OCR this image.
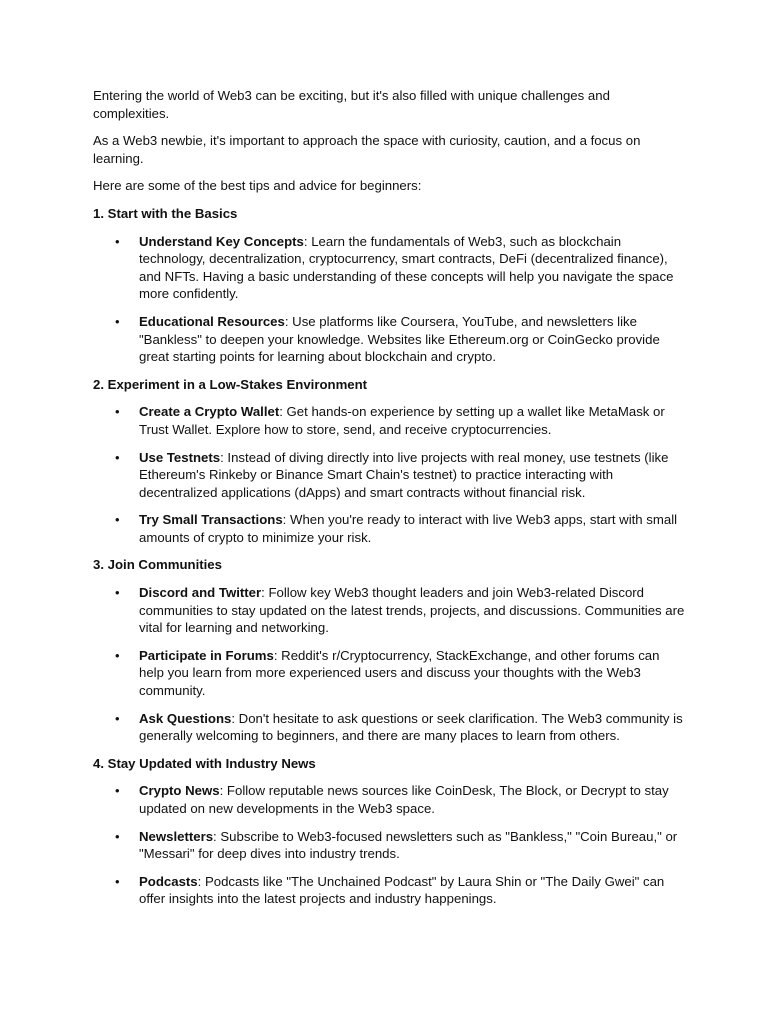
Entering the world of Web3 can be exciting, but it's also filled with unique challenges and complexities.

As a Web3 newbie, it's important to approach the space with curiosity, caution, and a focus on learning.

Here are some of the best tips and advice for beginners:

1. Start with the Basics
• Understand Key Concepts: Learn the fundamentals of Web3, such as blockchain technology, decentralization, cryptocurrency, smart contracts, DeFi (decentralized finance), and NFTs. Having a basic understanding of these concepts will help you navigate the space more confidently.
• Educational Resources: Use platforms like Coursera, YouTube, and newsletters like "Bankless" to deepen your knowledge. Websites like Ethereum.org or CoinGecko provide great starting points for learning about blockchain and crypto.
2. Experiment in a Low-Stakes Environment
• Create a Crypto Wallet: Get hands-on experience by setting up a wallet like MetaMask or Trust Wallet. Explore how to store, send, and receive cryptocurrencies.
• Use Testnets: Instead of diving directly into live projects with real money, use testnets (like Ethereum's Rinkeby or Binance Smart Chain's testnet) to practice interacting with decentralized applications (dApps) and smart contracts without financial risk.
• Try Small Transactions: When you're ready to interact with live Web3 apps, start with small amounts of crypto to minimize your risk.
3. Join Communities
• Discord and Twitter: Follow key Web3 thought leaders and join Web3-related Discord communities to stay updated on the latest trends, projects, and discussions. Communities are vital for learning and networking.
• Participate in Forums: Reddit's r/Cryptocurrency, StackExchange, and other forums can help you learn from more experienced users and discuss your thoughts with the Web3 community.
• Ask Questions: Don't hesitate to ask questions or seek clarification. The Web3 community is generally welcoming to beginners, and there are many places to learn from others.
4. Stay Updated with Industry News
• Crypto News: Follow reputable news sources like CoinDesk, The Block, or Decrypt to stay updated on new developments in the Web3 space.
• Newsletters: Subscribe to Web3-focused newsletters such as "Bankless," "Coin Bureau," or "Messari" for deep dives into industry trends.
• Podcasts: Podcasts like "The Unchained Podcast" by Laura Shin or "The Daily Gwei" can offer insights into the latest projects and industry happenings.
